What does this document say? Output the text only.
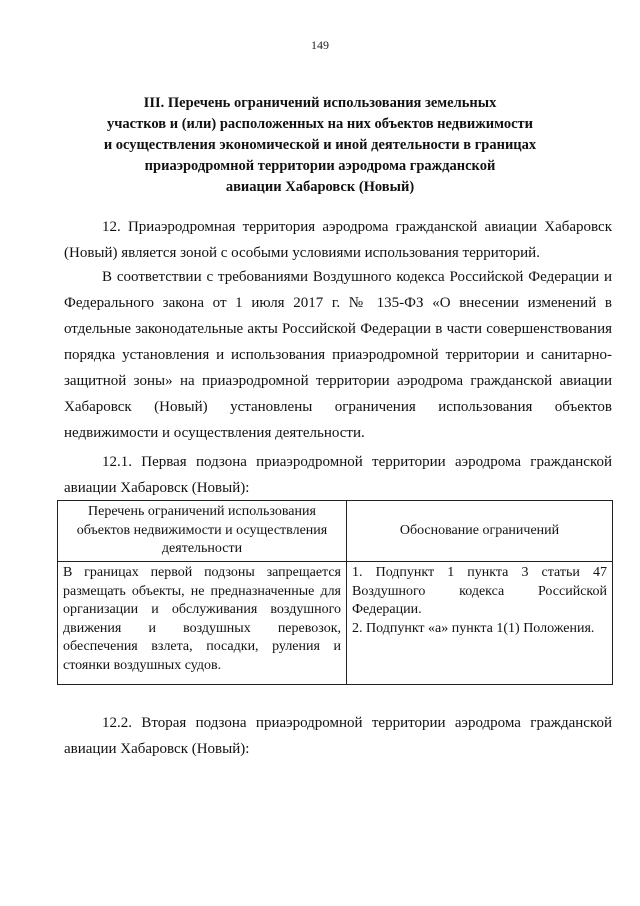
149
III. Перечень ограничений использования земельных
участков и (или) расположенных на них объектов недвижимости
и осуществления экономической и иной деятельности в границах
приаэродромной территории аэродрома гражданской
авиации Хабаровск (Новый)
12. Приаэродромная территория аэродрома гражданской авиации Хабаровск (Новый) является зоной с особыми условиями использования территорий.
В соответствии с требованиями Воздушного кодекса Российской Федерации и Федерального закона от 1 июля 2017 г. № 135-ФЗ «О внесении изменений в отдельные законодательные акты Российской Федерации в части совершенствования порядка установления и использования приаэродромной территории и санитарно-защитной зоны» на приаэродромной территории аэродрома гражданской авиации Хабаровск (Новый) установлены ограничения использования объектов недвижимости и осуществления деятельности.
12.1. Первая подзона приаэродромной территории аэродрома гражданской авиации Хабаровск (Новый):
Перечень ограничений использования объектов недвижимости и осуществления деятельности	Обоснование ограничений
В границах первой подзоны запрещается размещать объекты, не предназначенные для организации и обслуживания воздушного движения и воздушных перевозок, обеспечения взлета, посадки, руления и стоянки воздушных судов.	1. Подпункт 1 пункта 3 статьи 47 Воздушного кодекса Российской Федерации.
2. Подпункт «а» пункта 1(1) Положения.
12.2. Вторая подзона приаэродромной территории аэродрома гражданской авиации Хабаровск (Новый):
